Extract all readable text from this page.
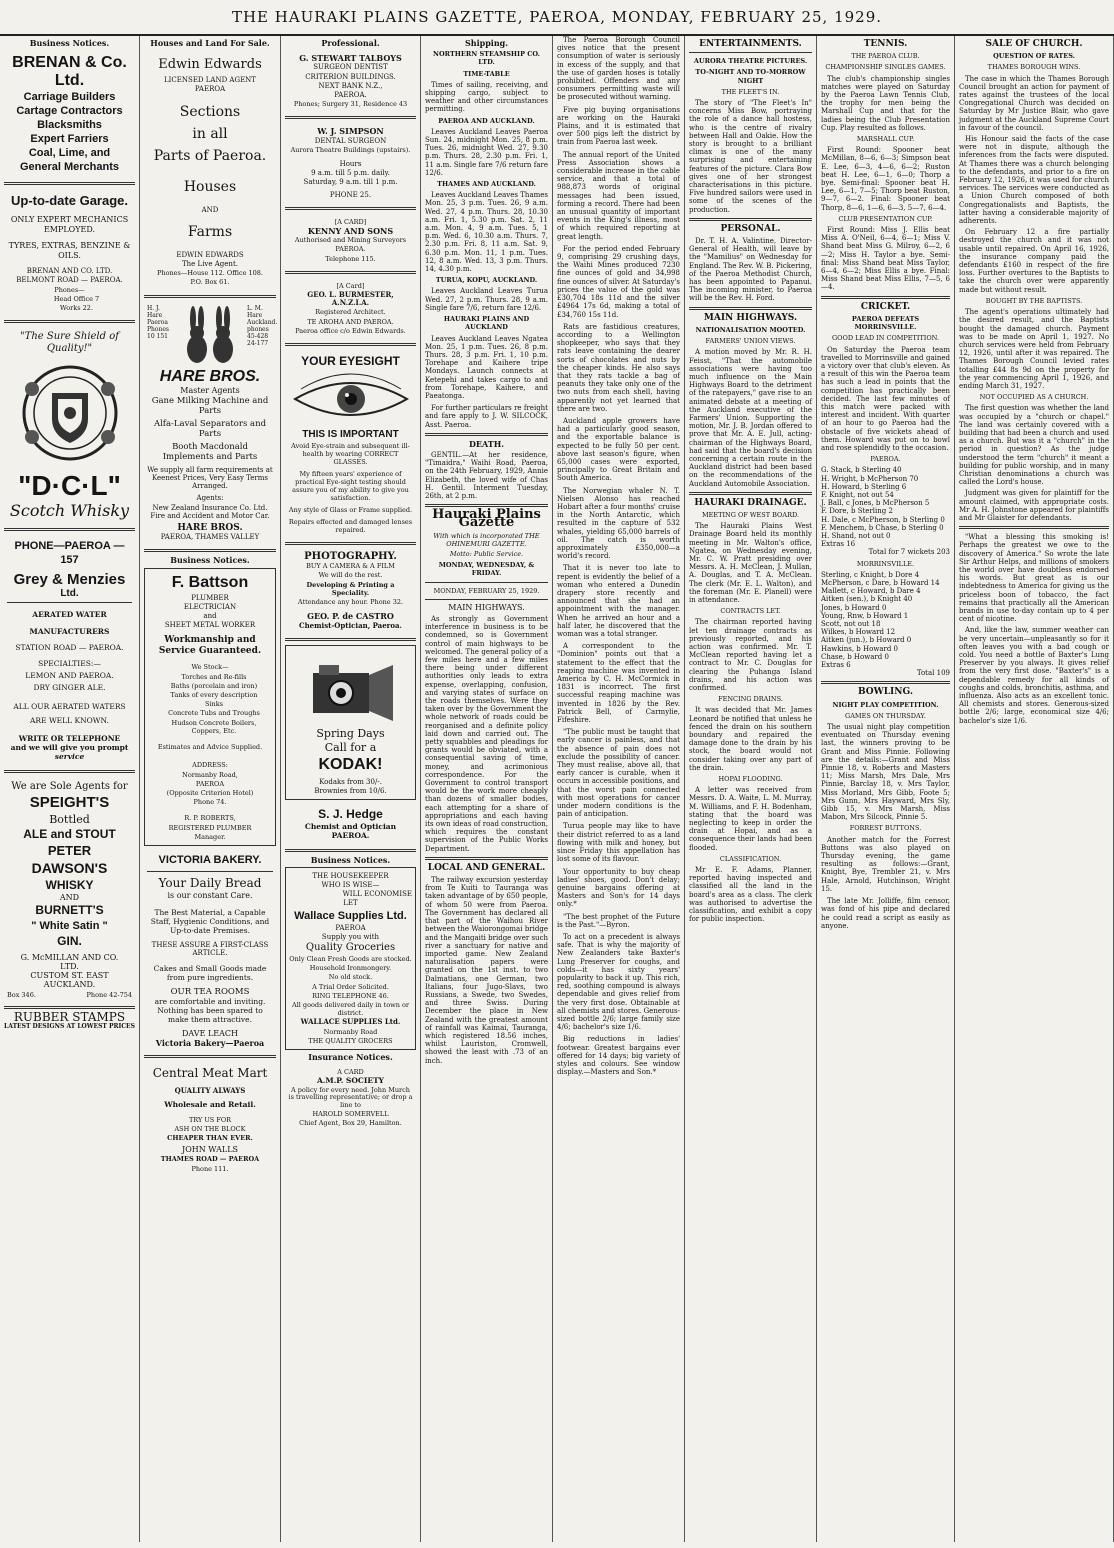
THE HAURAKI PLAINS GAZETTE, PAEROA, MONDAY, FEBRUARY 25, 1929.
Business Notices.

BRENAN & Co. Ltd.

Carriage Builders

Cartage Contractors

Blacksmiths

Expert Farriers

Coal, Lime, and

General Merchants

Up-to-date Garage.

ONLY EXPERT MECHANICS EMPLOYED.

TYRES, EXTRAS, BENZINE & OILS.

BRENAN AND CO. LTD.

BELMONT ROAD — PAEROA.

Phones—

Head Office 7

Works 22.

"The Sure Shield of Quality!"

"D·C·L"

Scotch Whisky

PHONE—PAEROA —157

Grey & Menzies

Ltd.

AERATED WATER

MANUFACTURERS

STATION ROAD — PAEROA.

SPECIALTIES:—

LEMON AND PAEROA.

DRY GINGER ALE.

ALL OUR AERATED WATERS

ARE WELL KNOWN.

WRITE OR TELEPHONE

and we will give you prompt

service

We are Sole Agents for

SPEIGHT'S

Bottled

ALE and STOUT

PETER

DAWSON'S

WHISKY

AND

BURNETT'S

" White Satin "

GIN.

G. McMILLAN AND CO.

LTD.

CUSTOM ST. EAST

AUCKLAND.

Box 346.	Phone 42-754

RUBBER STAMPS

LATEST DESIGNS AT LOWEST PRICES

Houses and Land For Sale.

Edwin Edwards

LICENSED LAND AGENT

PAEROA

Sections

in all

Parts of Paeroa.

Houses

AND

Farms

EDWIN EDWARDS

The Live Agent.

Phones—House 112. Office 108.

P.O. Box 61.

H. J. Hare Paeroa Phones 10 151
L. M. Hare Auckland. phones 45-428 24-177

HARE BROS.

Master Agents

Gane Milking Machine and Parts

Alfa-Laval Separators and Parts

Booth Macdonald Implements and Parts

We supply all farm requirements at Keenest Prices, Very Easy Terms Arranged.

Agents:

New Zealand Insurance Co. Ltd. Fire and Accident and Motor Car.

HARE BROS.

PAEROA, THAMES VALLEY

Business Notices.

F. Battson

PLUMBER

ELECTRICIAN

and

SHEET METAL WORKER

Workmanship and Service Guaranteed.

We Stock—

Torches and Re-fills

Baths (porcelain and iron)

Tanks of every description

Sinks

Concrete Tubs and Troughs

Hudson Concrete Boilers, Coppers, Etc.

Estimates and Advice Supplied.

ADDRESS:

Normanby Road,

PAEROA

(Opposite Criterion Hotel)

Phone 74.

R. P. ROBERTS,

REGISTERED PLUMBER

Manager.

VICTORIA BAKERY.

Your Daily Bread

is our constant Care.

The Best Material, a Capable Staff, Hygienic Conditions, and Up-to-date Premises.

THESE ASSURE A FIRST-CLASS ARTICLE.

Cakes and Small Goods made from pure ingredients.

OUR TEA ROOMS

are comfortable and inviting. Nothing has been spared to make them attractive.

DAVE LEACH

Victoria Bakery—Paeroa

Central Meat Mart

QUALITY ALWAYS

Wholesale and Retail.

TRY US FOR

ASH ON THE BLOCK

CHEAPER THAN EVER.

JOHN WALLS

THAMES ROAD — PAEROA

Phone 111.

Professional.

G. STEWART TALBOYS

SURGEON DENTIST

CRITERION BUILDINGS.

NEXT BANK N.Z.,

PAEROA.

Phones; Surgery 31, Residence 43

W. J. SIMPSON

DENTAL SURGEON

Aurora Theatre Buildings (upstairs).

Hours

9 a.m. till 5 p.m. daily.

Saturday, 9 a.m. till 1 p.m.

PHONE 25.

[A CARD]

KENNY AND SONS

Authorised and Mining Surveyors

PAEROA.

Telephone 115.

[A Card]

GEO. L. BURMESTER, A.N.Z.I.A.

Registered Architect.

TE AROHA AND PAEROA.

Paeroa office c/o Edwin Edwards.

YOUR EYESIGHT

THIS IS IMPORTANT

Avoid Eye-strain and subsequent ill-health by wearing CORRECT GLASSES.

My fifteen years' experience of practical Eye-sight testing should assure you of my ability to give you satisfaction.

Any style of Glass or Frame supplied.

Repairs effected and damaged lenses repaired.

PHOTOGRAPHY.

BUY A CAMERA & A FILM

We will do the rest.

Developing & Printing a Speciality.

Attendance any hour. Phone 32.

GEO. P. de CASTRO

Chemist-Optician, Paeroa.

Spring Days

Call for a

KODAK!

Kodaks from 30/-.

Brownies from 10/6.

S. J. Hedge

Chemist and Optician

PAEROA.

Business Notices.

THE HOUSEKEEPER

WHO IS WISE—

WILL ECONOMISE

LET

Wallace Supplies Ltd.

PAEROA

Supply you with

Quality Groceries

Only Clean Fresh Goods are stocked.

Household Ironmongery.

No old stock.

A Trial Order Solicited.

RING TELEPHONE 46.

All goods delivered daily in town or district.

WALLACE SUPPLIES Ltd.

Normanby Road

THE QUALITY GROCERS

Insurance Notices.

A CARD

A.M.P. SOCIETY

A policy for every need. John Murch is travelling representative; or drop a line to

HAROLD SOMERVELL

Chief Agent, Box 29, Hamilton.

Shipping.
NORTHERN STEAMSHIP CO. LTD.
TIME-TABLE

Times of sailing, receiving, and shipping cargo, subject to weather and other circumstances permitting.

PAEROA AND AUCKLAND.

Leaves Auckland Leaves Paeroa Sun. 24, midnight Mon. 25, 8 p.m. Tues. 26, midnight Wed. 27, 9.30 p.m. Thurs. 28, 2.30 p.m. Fri. 1, 11 a.m. Single fare 7/6 return fare 12/6.

THAMES AND AUCKLAND.

Leaves Auckland Leaves Thames Mon. 25, 3 p.m. Tues. 26, 9 a.m. Wed. 27, 4 p.m. Thurs. 28, 10.30 a.m. Fri. 1, 5.30 p.m. Sat. 2, 11 a.m. Mon. 4, 9 a.m. Tues. 5, 1 p.m. Wed. 6, 10.30 a.m. Thurs. 7, 2.30 p.m. Fri. 8, 11 a.m. Sat. 9, 6.30 p.m. Mon. 11, 1 p.m. Tues. 12, 8 a.m. Wed. 13, 3 p.m. Thurs. 14, 4.30 p.m.

TURUA, KOPU, AUCKLAND.

Leaves Auckland Leaves Turua Wed. 27, 2 p.m. Thurs. 28, 9 a.m. Single fare 7/6, return fare 12/6.

HAURAKI PLAINS AND AUCKLAND

Leaves Auckland Leaves Ngatea Mon. 25, 1 p.m. Tues. 26, 8 p.m. Thurs. 28, 3 p.m. Fri. 1, 10 p.m. Torehape and Kaihere tripe Mondays. Launch connects at Ketepehi and takes cargo to and from Torehape, Kaihere, and Paeatonga.

For further particulars re freight and fare apply to J. W. SILCOCK, Asst. Paeroa.

DEATH.

GENTIL.—At her residence, "Timaidra," Waihi Road, Paeroa, on the 24th February, 1929, Annie Elizabeth, the loved wife of Chas H. Gentil. Interment Tuesday, 26th, at 2 p.m.

Hauraki Plains Gazette
With which is incorporated THE OHINEMURI GAZETTE.
Motto: Public Service.
MONDAY, WEDNESDAY, & FRIDAY.
MONDAY, FEBRUARY 25, 1929.
MAIN HIGHWAYS.

As strongly as Government interference in business is to be condemned, so is Government control of main highways to be welcomed. The general policy of a few miles here and a few miles there being under different authorities only leads to extra expense, overlapping, confusion, and varying states of surface on the roads themselves. Were they taken over by the Government the whole network of roads could be reorganised and a definite policy laid down and carried out. The petty squabbles and pleadings for grants would be obviated, with a consequential saving of time, money, and acrimonious correspondence. For the Government to control transport would be the work more cheaply than dozens of smaller bodies, each attempting for a share of appropriations and each having its own ideas of road construction, which requires the constant supervision of the Public Works Department.

LOCAL AND GENERAL.

The railway excursion yesterday from Te Kuiti to Tauranga was taken advantage of by 650 people, of whom 50 were from Paeroa. The Government has declared all that part of the Waihou River between the Waiorongomai bridge and the Mangaiti bridge over such river a sanctuary for native and imported game. New Zealand naturalisation papers were granted on the 1st inst. to two Dalmatians, one German, two Italians, four Jugo-Slavs, two Russians, a Swede, two Swedes, and three Swiss. During December the place in New Zealand with the greatest amount of rainfall was Kaimai, Tauranga, which registered 18.56 inches, whilst Lauriston, Cromwell, showed the least with .73 of an inch.

The Paeroa Borough Council gives notice that the present consumption of water is seriously in excess of the supply, and that the use of garden hoses is totally prohibited. Offenders and any consumers permitting waste will be prosecuted without warning.

Five pig buying organisations are working on the Hauraki Plains, and it is estimated that over 500 pigs left the district by train from Paeroa last week.

The annual report of the United Press Association shows a considerable increase in the cable service, and that a total of 988,873 words of original messages had been issued, forming a record. There had been an unusual quantity of important events in the King's illness, most of which required reporting at great length.

For the period ended February 9, comprising 29 crushing days, the Waihi Mines produced 7230 fine ounces of gold and 34,998 fine ounces of silver. At Saturday's prices the value of the gold was £30,704 18s 11d and the silver £4964 17s 6d, making a total of £34,760 15s 11d.

Rats are fastidious creatures, according to a Wellington shopkeeper, who says that they rats leave containing the dearer sorts of chocolates and nuts by the cheaper kinds. He also says that they rats tackle a bag of peanuts they take only one of the two nuts from each shell, having apparently not yet learned that there are two.

Auckland apple growers have had a particularly good season, and the exportable balance is expected to be fully 50 per cent. above last season's figure, when 65,000 cases were exported, principally to Great Britain and South America.

The Norwegian whaler N. T. Nielsen Alonso has reached Hobart after a four months' cruise in the North Antarctic, which resulted in the capture of 532 whales, yielding 65,000 barrels of oil. The catch is worth approximately £350,000—a world's record.

That it is never too late to repent is evidently the belief of a woman who entered a Dunedin drapery store recently and announced that she had an appointment with the manager. When he arrived an hour and a half later, he discovered that the woman was a total stranger.

A correspondent to the "Dominion" points out that a statement to the effect that the reaping machine was invented in America by C. H. McCormick in 1831 is incorrect. The first successful reaping machine was invented in 1826 by the Rev. Patrick Bell, of Carmylie, Fifeshire.

"The public must be taught that early cancer is painless, and that the absence of pain does not exclude the possibility of cancer. They must realise, above all, that early cancer is curable, when it occurs in accessible positions, and that the worst pain connected with most operations for cancer under modern conditions is the pain of anticipation.

Turua people may like to have their district referred to as a land flowing with milk and honey, but since Friday this appellation has lost some of its flavour.

Your opportunity to buy cheap ladies' shoes, good. Don't delay; genuine bargains offering at Masters and Son's for 14 days only.*

"The best prophet of the Future is the Past."—Byron.

To act on a precedent is always safe. That is why the majority of New Zealanders take Baxter's Lung Preserver for coughs, and colds—it has sixty years' popularity to back it up. This rich, red, soothing compound is always dependable and gives relief from the very first dose. Obtainable at all chemists and stores. Generous-sized bottle 2/6; large family size 4/6; bachelor's size 1/6.

Big reductions in ladies' footwear. Greatest bargains ever offered for 14 days; big variety of styles and colours. See window display.—Masters and Son.*

ENTERTAINMENTS.
AURORA THEATRE PICTURES.
TO-NIGHT AND TO-MORROW NIGHT
THE FLEET'S IN.

The story of "The Fleet's In" concerns Miss Bow, portraying the role of a dance hall hostess, who is the centre of rivalry between Hall and Oakie. How the story is brought to a brilliant climax is one of the many surprising and entertaining features of the picture. Clara Bow gives one of her strongest characterisations in this picture. Five hundred sailors were used in some of the scenes of the production.

PERSONAL.

Dr. T. H. A. Valintine, Director-General of Health, will leave by the "Mamilius" on Wednesday for England. The Rev. W. B. Pickering, of the Paeroa Methodist Church, has been appointed to Papanui. The incoming minister, to Paeroa will be the Rev. H. Ford.

MAIN HIGHWAYS.
NATIONALISATION MOOTED.
FARMERS' UNION VIEWS.

A motion moved by Mr. R. H. Feisst, "That the automobile associations were having too much influence on the Main Highways Board to the detriment of the ratepayers," gave rise to an animated debate at a meeting of the Auckland executive of the Farmers' Union. Supporting the motion, Mr. J. B. Jordan offered to prove that Mr. A. E. Jull, acting-chairman of the Highways Board, had said that the board's decision concerning a certain route in the Auckland district had been based on the recommendations of the Auckland Automobile Association.

HAURAKI DRAINAGE.
MEETING OF WEST BOARD.

The Hauraki Plains West Drainage Board held its monthly meeting in Mr. Walton's office, Ngatea, on Wednesday evening, Mr. C. W. Pratt presiding over Messrs. A. H. McClean, J. Mullan, A. Douglas, and T. A. McClean. The clerk (Mr. E. L. Walton), and the foreman (Mr. E. Planell) were in attendance.

CONTRACTS LET.

The chairman reported having let ten drainage contracts as previously reported, and his action was confirmed. Mr. T. McClean reported having let a contract to Mr. C. Douglas for clearing the Puhanga Island drains, and his action was confirmed.

FENCING DRAINS.

It was decided that Mr. James Leonard be notified that unless he fenced the drain on his southern boundary and repaired the damage done to the drain by his stock, the board would not consider taking over any part of the drain.

HOPAI FLOODING.

A letter was received from Messrs. D. A. Waite, L. M. Murray, M. Williams, and F. H. Bodenham, stating that the board was neglecting to keep in order the drain at Hopai, and as a consequence their lands had been flooded.

CLASSIFICATION.

Mr E. F. Adams, Planner, reported having inspected and classified all the land in the board's area as a class. The clerk was authorised to advertise the classification, and exhibit a copy for public inspection.

TENNIS.
THE PAEROA CLUB.
CHAMPIONSHIP SINGLES GAMES.

The club's championship singles matches were played on Saturday by the Paeroa Lawn Tennis Club, the trophy for men being the Marshall Cup and that for the ladies being the Club Presentation Cup. Play resulted as follows.

MARSHALL CUP.

First Round: Spooner beat McMillan, 8—6, 6—3; Simpson beat E. Lee, 6—3, 4—6, 6—2; Ruston beat H. Lee, 6—1, 6—0; Thorp a bye. Semi-final: Spooner beat H. Lee, 6—1, 7—5; Thorp beat Ruston, 9—7, 6—2. Final: Spooner beat Thorp, 8—6, 1—6, 6—3, 5—7, 6—4.

CLUB PRESENTATION CUP.

First Round: Miss J. Ellis beat Miss A. O'Neil, 6—4, 6—1; Miss V. Shand beat Miss G. Milroy, 6—2, 6—2; Miss H. Taylor a bye. Semi-final: Miss Shand beat Miss Taylor, 6—4, 6—2; Miss Ellis a bye. Final: Miss Shand beat Miss Ellis, 7—5, 6—4.

CRICKET.
PAEROA DEFEATS MORRINSVILLE.
GOOD LEAD IN COMPETITION.

On Saturday the Paeroa team travelled to Morrinsville and gained a victory over that club's eleven. As a result of this win the Paeroa team has such a lead in points that the competition has practically been decided. The last few minutes of this match were packed with interest and incident. With quarter of an hour to go Paeroa had the obstacle of five wickets ahead of them. Howard was put on to bowl and rose splendidly to the occasion.

PAEROA.

G. Stack, b Sterling 40

H. Wright, b McPherson 70

H. Howard, b Sterling 6

F. Knight, not out 54

J. Ball, c Jones, b McPherson 5

F. Dore, b Sterling 2

H. Dale, c McPherson, b Sterling 0

F. Menchem, b Chase, b Sterling 0

H. Shand, not out 0

Extras 16

Total for 7 wickets 203

MORRINSVILLE.

Sterling, c Knight, b Dore 4

McPherson, c Dare, b Howard 14

Mallett, c Howard, b Dare 4

Aitken (sen.), b Knight 40

Jones, b Howard 0

Young, Rnw, b Howard 1

Scott, not out 18

Wilkes, b Howard 12

Aitken (jun.), b Howard 0

Hawkins, b Howard 0

Chase, b Howard 0

Extras 6

Total 109

BOWLING.
NIGHT PLAY COMPETITION.
GAMES ON THURSDAY.

The usual night play competition eventuated on Thursday evening last, the winners proving to be Grant and Miss Pinnie. Following are the details:—Grant and Miss Pinnie 18, v. Roberts and Masters 11; Miss Marsh, Mrs Dale, Mrs Pinnie, Barclay 18, v. Mrs Taylor, Miss Morland, Mrs Gibb, Foote 5; Mrs Gunn, Mrs Hayward, Mrs Sly, Gibb 15, v. Mrs Marsh, Miss Mabon, Mrs Silcock, Pinnie 5.

FORREST BUTTONS.

Another match for the Forrest Buttons was also played on Thursday evening, the game resulting as follows:—Grant, Knight, Bye, Trembler 21, v. Mrs Hale, Arnold, Hutchinson, Wright 15.

The late Mr. Jolliffe, film censor, was fond of his pipe and declared he could read a script as easily as anyone.

SALE OF CHURCH.
QUESTION OF RATES.
THAMES BOROUGH WINS.

The case in which the Thames Borough Council brought an action for payment of rates against the trustees of the local Congregational Church was decided on Saturday by Mr Justice Blair, who gave judgment at the Auckland Supreme Court in favour of the council.

His Honour said the facts of the case were not in dispute, although the inferences from the facts were disputed. At Thames there was a church belonging to the defendants, and prior to a fire on February 12, 1926, it was used for church services. The services were conducted as a Union Church composed of both Congregationalists and Baptists, the latter having a considerable majority of adherents.

On February 12 a fire partially destroyed the church and it was not usable until repaired. On April 16, 1926, the insurance company paid the defendants £160 in respect of the fire loss. Further overtures to the Baptists to take the church over were apparently made but without result.

BOUGHT BY THE BAPTISTS.

The agent's operations ultimately had the desired result, and the Baptists bought the damaged church. Payment was to be made on April 1, 1927. No church services were held from February 12, 1926, until after it was repaired. The Thames Borough Council levied rates totalling £44 8s 9d on the property for the year commencing April 1, 1926, and ending March 31, 1927.

NOT OCCUPIED AS A CHURCH.

The first question was whether the land was occupied by a "church or chapel." The land was certainly covered with a building that had been a church and used as a church. But was it a "church" in the period in question? As the judge understood the term "church" it meant a building for public worship, and in many Christian denominations a church was called the Lord's house.

Judgment was given for plaintiff for the amount claimed, with appropriate costs. Mr A. H. Johnstone appeared for plaintiffs and Mr Glaister for defendants.

"What a blessing this smoking is! Perhaps the greatest we owe to the discovery of America." So wrote the late Sir Arthur Helps, and millions of smokers the world over have doubtless endorsed his words. But great as is our indebtedness to America for giving us the priceless boon of tobacco, the fact remains that practically all the American brands in use to-day contain up to 4 per cent of nicotine.

And, like the law, summer weather can be very uncertain—unpleasantly so for it often leaves you with a bad cough or cold. You need a bottle of Baxter's Lung Preserver by you always. It gives relief from the very first dose. "Baxter's" is a dependable remedy for all kinds of coughs and colds, bronchitis, asthma, and influenza. Also acts as an excellent tonic. All chemists and stores. Generous-sized bottle 2/6; large, economical size 4/6; bachelor's size 1/6.
